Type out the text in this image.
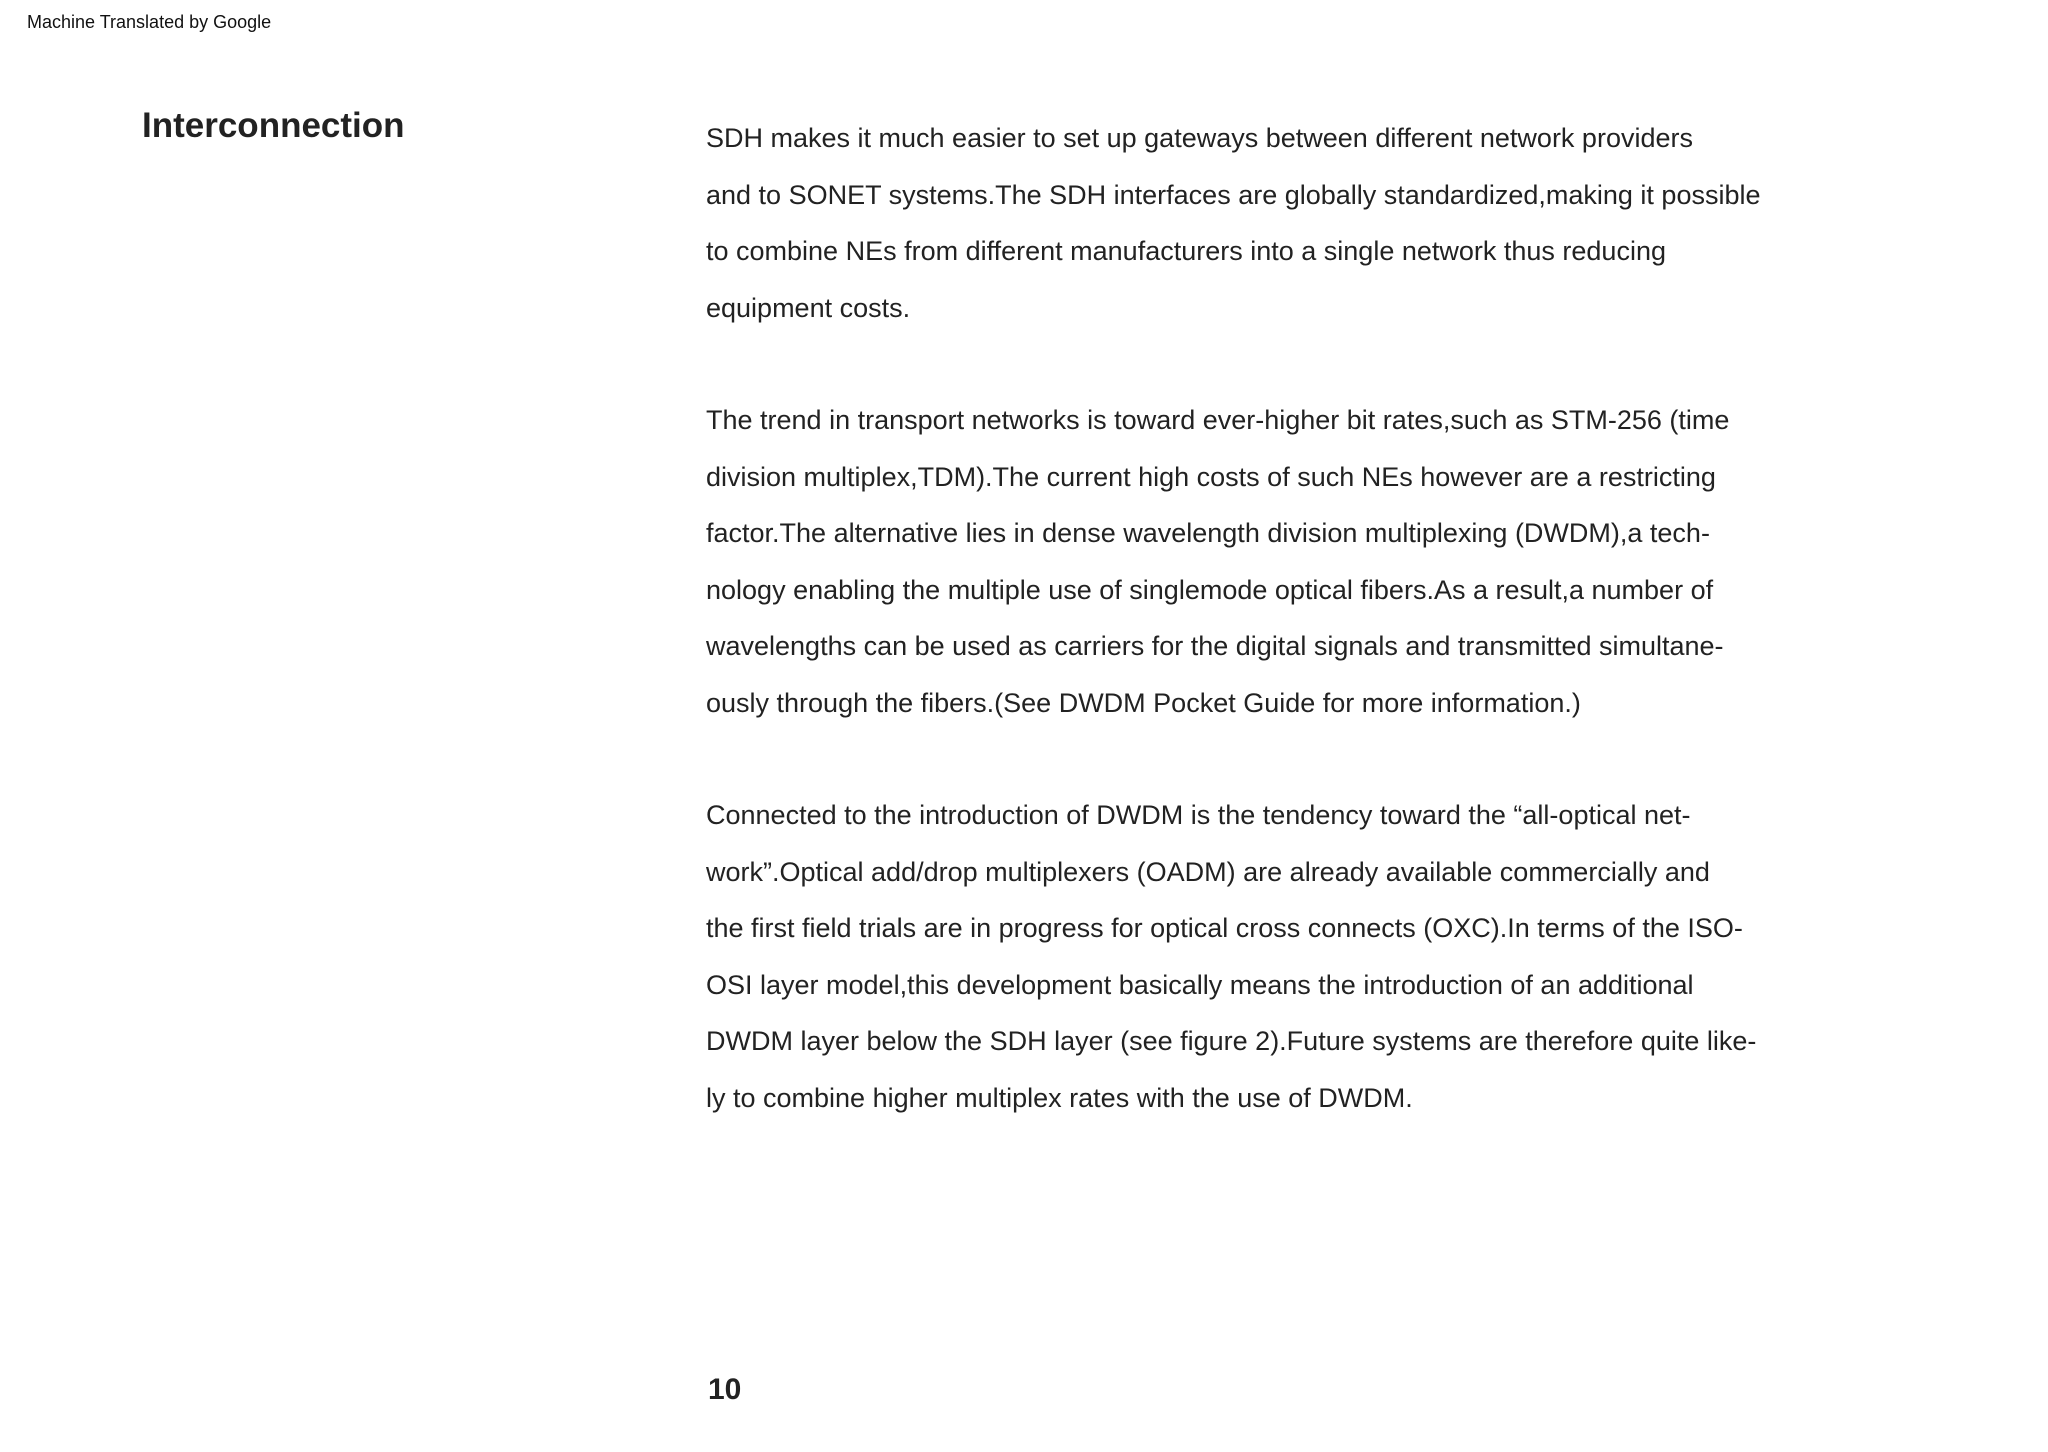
Machine Translated by Google
Interconnection	SDH makes it much easier to set up gateways between different network providers
and to SONET systems.The SDH interfaces are globally standardized,making it possible
to combine NEs from different manufacturers into a single network thus reducing
equipment costs.
The trend in transport networks is toward ever-higher bit rates,such as STM-256 (time
division multiplex,TDM).The current high costs of such NEs however are a restricting
factor.The alternative lies in dense wavelength division multiplexing (DWDM),a tech-
nology enabling the multiple use of singlemode optical fibers.As a result,a number of
wavelengths can be used as carriers for the digital signals and transmitted simultane-
ously through the fibers.(See DWDM Pocket Guide for more information.)
Connected to the introduction of DWDM is the tendency toward the “all-optical net-
work”.Optical add/drop multiplexers (OADM) are already available commercially and
the first field trials are in progress for optical cross connects (OXC).In terms of the ISO-
OSI layer model,this development basically means the introduction of an additional
DWDM layer below the SDH layer (see figure 2).Future systems are therefore quite like-
ly to combine higher multiplex rates with the use of DWDM.
10
